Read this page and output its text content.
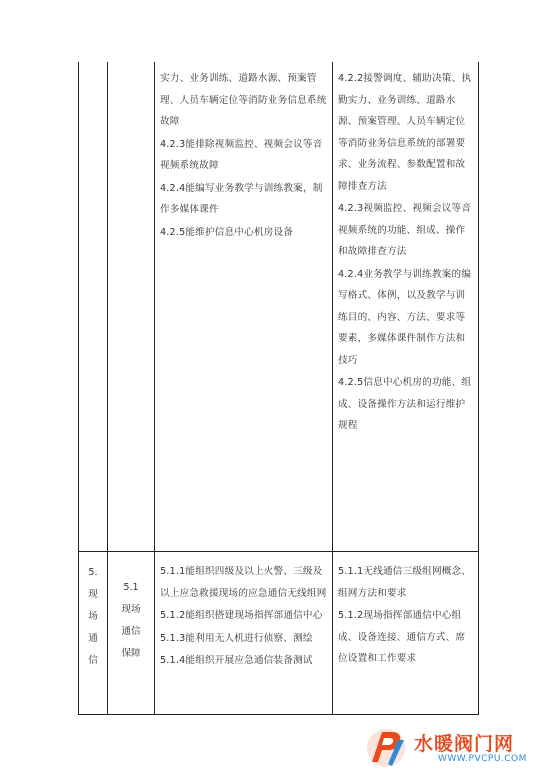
实力、业务训练、道路水源、预案管理、人员车辆定位等消防业务信息系统故障

4.2.3能排除视频监控、视频会议等音视频系统故障

4.2.4能编写业务教学与训练教案，制作多媒体课件

4.2.5能维护信息中心机房设备

4.2.2接警调度、辅助决策、执勤实力、业务训练、道路水源、预案管理、人员车辆定位等消防业务信息系统的部署要求、业务流程、参数配置和故障排查方法

4.2.3视频监控、视频会议等音视频系统的功能、组成、操作和故障排查方法

4.2.4业务教学与训练教案的编写格式、体例，以及教学与训练目的、内容、方法、要求等要素，多媒体课件制作方法和技巧

4.2.5信息中心机房的功能、组成、设备操作方法和运行维护规程

5.
现
场
通
信
5.1
现场
通信
保障

5.1.1能组织四级及以上火警、三级及以上应急救援现场的应急通信无线组网

5.1.2能组织搭建现场指挥部通信中心

5.1.3能利用无人机进行侦察、测绘

5.1.4能组织开展应急通信装备测试

5.1.1无线通信三级组网概念、组网方法和要求

5.1.2现场指挥部通信中心组成、设备连接、通信方式、席位设置和工作要求

水暖阀门网
WWW.PVCPU.COM
